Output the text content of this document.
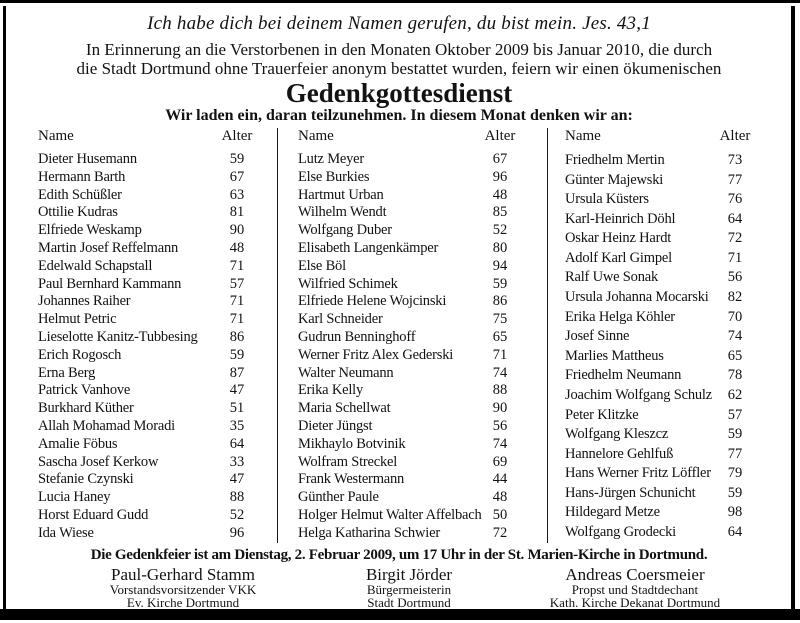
Ich habe dich bei deinem Namen gerufen, du bist mein. Jes. 43,1
In Erinnerung an die Verstorbenen in den Monaten Oktober 2009 bis Januar 2010, die durch
die Stadt Dortmund ohne Trauerfeier anonym bestattet wurden, feiern wir einen ökumenischen
Gedenkgottesdienst
Wir laden ein, daran teilzunehmen. In diesem Monat denken wir an:
Name	Alter
Dieter Husemann	59
Hermann Barth	67
Edith Schüßler	63
Ottilie Kudras	81
Elfriede Weskamp	90
Martin Josef Reffelmann	48
Edelwald Schapstall	71
Paul Bernhard Kammann	57
Johannes Raiher	71
Helmut Petric	71
Lieselotte Kanitz-Tubbesing	86
Erich Rogosch	59
Erna Berg	87
Patrick Vanhove	47
Burkhard Küther	51
Allah Mohamad Moradi	35
Amalie Föbus	64
Sascha Josef Kerkow	33
Stefanie Czynski	47
Lucia Haney	88
Horst Eduard Gudd	52
Ida Wiese	96
Name	Alter
Lutz Meyer	67
Else Burkies	96
Hartmut Urban	48
Wilhelm Wendt	85
Wolfgang Duber	52
Elisabeth Langenkämper	80
Else Böl	94
Wilfried Schimek	59
Elfriede Helene Wojcinski	86
Karl Schneider	75
Gudrun Benninghoff	65
Werner Fritz Alex Gederski	71
Walter Neumann	74
Erika Kelly	88
Maria Schellwat	90
Dieter Jüngst	56
Mikhaylo Botvinik	74
Wolfram Streckel	69
Frank Westermann	44
Günther Paule	48
Holger Helmut Walter Affelbach 50
Helga Katharina Schwier	72
Name	Alter
Friedhelm Mertin	73
Günter Majewski	77
Ursula Küsters	76
Karl-Heinrich Döhl	64
Oskar Heinz Hardt	72
Adolf Karl Gimpel	71
Ralf Uwe Sonak	56
Ursula Johanna Mocarski	82
Erika Helga Köhler	70
Josef Sinne	74
Marlies Mattheus	65
Friedhelm Neumann	78
Joachim Wolfgang Schulz	62
Peter Klitzke	57
Wolfgang Kleszcz	59
Hannelore Gehlfuß	77
Hans Werner Fritz Löffler	79
Hans-Jürgen Schunicht	59
Hildegard Metze	98
Wolfgang Grodecki	64
Die Gedenkfeier ist am Dienstag, 2. Februar 2009, um 17 Uhr in der St. Marien-Kirche in Dortmund.
Paul-Gerhard Stamm
Vorstandsvorsitzender VKK
Ev. Kirche Dortmund
Birgit Jörder
Bürgermeisterin
Stadt Dortmund
Andreas Coersmeier
Propst und Stadtdechant
Kath. Kirche Dekanat Dortmund
